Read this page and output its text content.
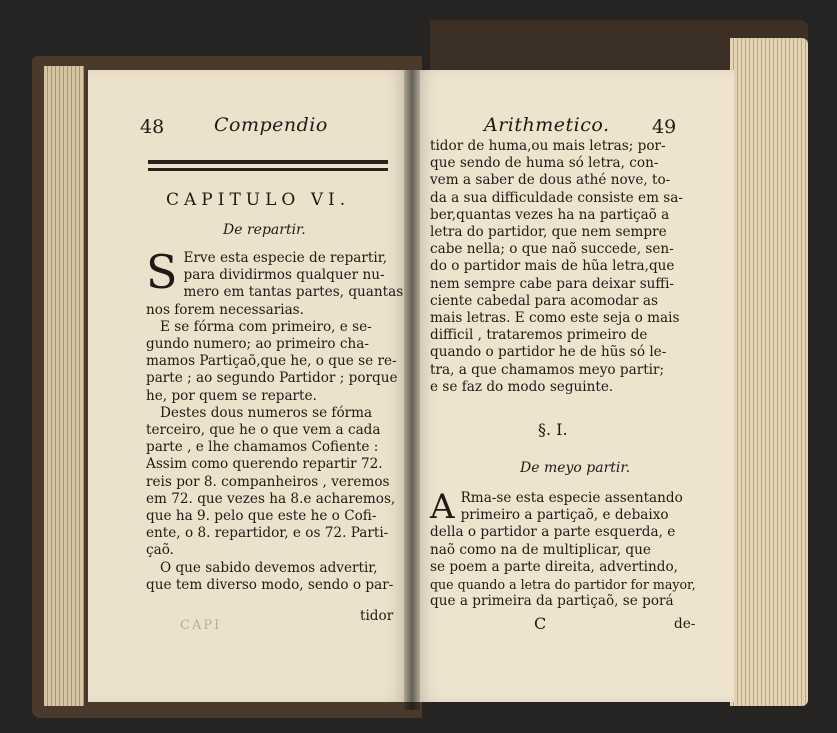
48	Compendio
CAPITULO VI.
De repartir.
S Erve esta especie de repartir,
para dividirmos qualquer nu-
mero em tantas partes, quantas
nos forem necessarias.
E se fórma com primeiro, e se-
gundo numero; ao primeiro cha-
mamos Partiçaõ,que he, o que se re-
parte ; ao segundo Partidor ; porque
he, por quem se reparte.
Destes dous numeros se fórma
terceiro, que he o que vem a cada
parte , e lhe chamamos Cofiente :
Assim como querendo repartir 72.
reis por 8. companheiros , veremos
em 72. que vezes ha 8.e acharemos,
que ha 9. pelo que este he o Cofi-
ente, o 8. repartidor, e os 72. Parti-
çaõ.
O que sabido devemos advertir,
que tem diverso modo, sendo o par-
CAPI
tidor
Arithmetico. 49
tidor de huma,ou mais letras; por-
que sendo de huma só letra, con-
vem a saber de dous athé nove, to-
da a sua difficuldade consiste em sa-
ber,quantas vezes ha na partiçaõ a
letra do partidor, que nem sempre
cabe nella; o que naõ succede, sen-
do o partidor mais de hũa letra,que
nem sempre cabe para deixar suffi-
ciente cabedal para acomodar as
mais letras. E como este seja o mais
difficil , trataremos primeiro de
quando o partidor he de hũs só le-
tra, a que chamamos meyo partir;
e se faz do modo seguinte.
§. I.
De meyo partir.
A Rma-se esta especie assentando
primeiro a partiçaõ, e debaixo
della o partidor a parte esquerda, e
naõ como na de multiplicar, que
se poem a parte direita, advertindo,
que quando a letra do partidor for mayor,
que a primeira da partiçaõ, se porá
C	de-
